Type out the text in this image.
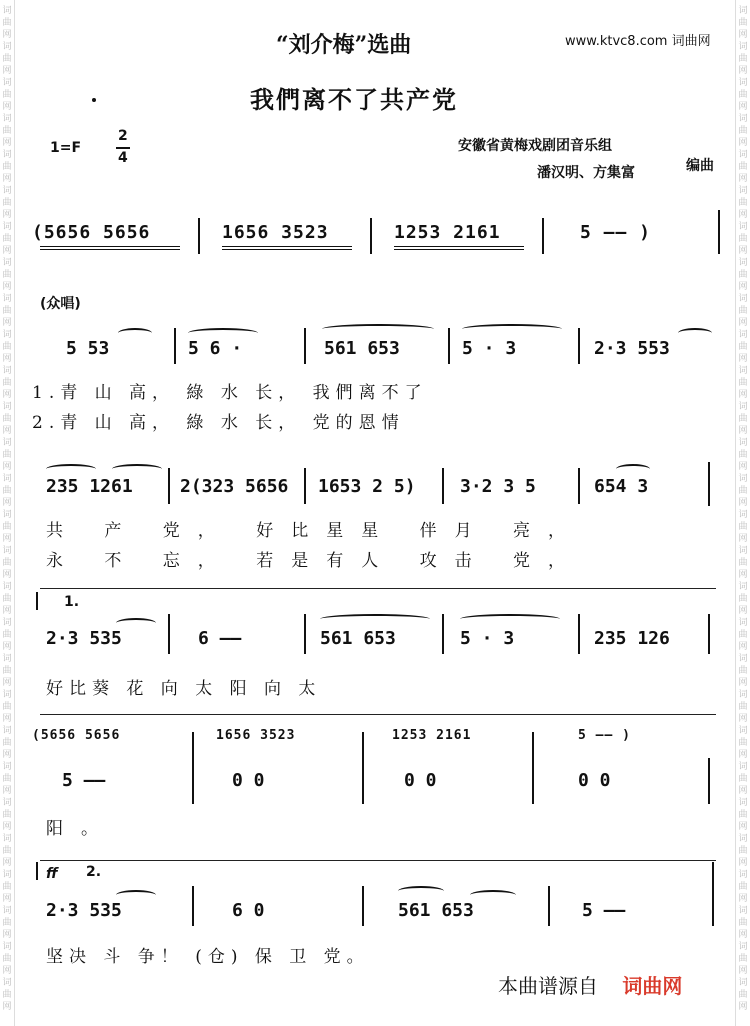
词
曲
网
词
曲
网
词
曲
网
词
曲
网
词
曲
网
词
曲
网
词
曲
网
词
曲
网
词
曲
网
词
曲
网
词
曲
网
词
曲
网
词
曲
网
词
曲
网
词
曲
网
词
曲
网
词
曲
网
词
曲
网
词
曲
网
词
曲
网
词
曲
网
词
曲
网
词
曲
网
词
曲
网
词
曲
网
词
曲
网
词
曲
网
词
曲
网
词
曲
网
词
曲
网
词
曲
网
词
曲
网
词
曲
网
词
曲
网
词
曲
网
词
曲
网
词
曲
网
词
曲
网
词
曲
网
词
曲
网
词
曲
网
词
曲
网
词
曲
网
词
曲
网
词
曲
网
词
曲
网
词
曲
网
词
曲
网
词
曲
网
词
曲
网
词
曲
网
词
曲
网
词
曲
网
词
曲
网
词
曲
网
词
曲
网
“刘介梅”选曲	www.ktvc8.com 词曲网
我們离不了共产党
1=F
2
4
安徽省黄梅戏剧团音乐组
潘汉明、方集富	编曲
(5656 5656	1656 3523	1253 2161	5 —— )
(众唱)
5 53	5 6 ·	561 653	5 · 3	2·3 553
1.青 山 高， 綠 水 长， 我們离不了
2.青 山 高， 綠 水 长， 党的恩情
235 1261	2(323 5656 1653 2 5) 3·2 3 5	654 3
共 产 党， 好比星星 伴月 亮，
永 不 忘， 若是有人 攻击 党，
1.
2·3 535	6 ——	561 653	5 · 3	235 126
好比葵 花 向 太 阳 向 太
(5656 5656	1656 3523	1253 2161	5 —— )
5 ——	0 0	0 0	0 0
阳。
ff 2.
2·3 535	6 0	561 653	5 ——
坚决 斗 争！ (仓) 保 卫 党。
本曲谱源自 词曲网
